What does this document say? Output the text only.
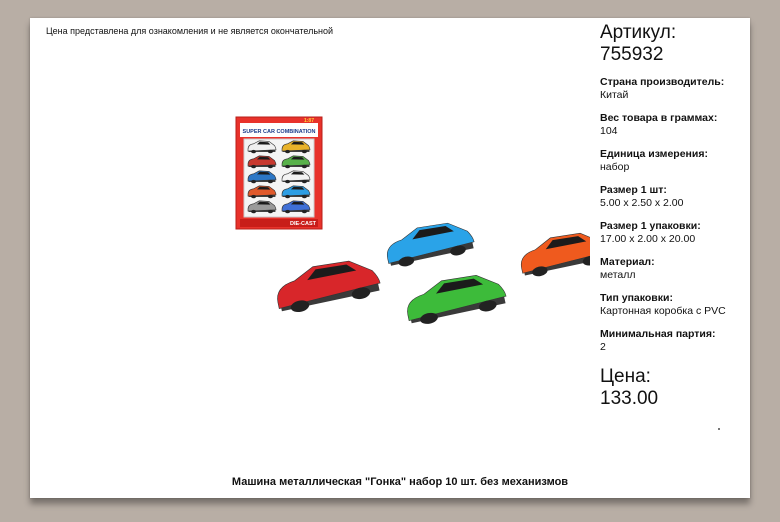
Цена представлена для ознакомления и не является окончательной
SUPER CAR COMBINATION
1:87
DIE-CAST
Артикул:
755932
Страна производитель:
Китай
Вес товара в граммах:
104
Единица измерения:
набор
Размер 1 шт:
5.00 x 2.50 x 2.00
Размер 1 упаковки:
17.00 x 2.00 x 20.00
Материал:
металл
Тип упаковки:
Картонная коробка с PVC
Минимальная партия:
2
Цена:
133.00
Машина металлическая "Гонка" набор 10 шт. без механизмов
